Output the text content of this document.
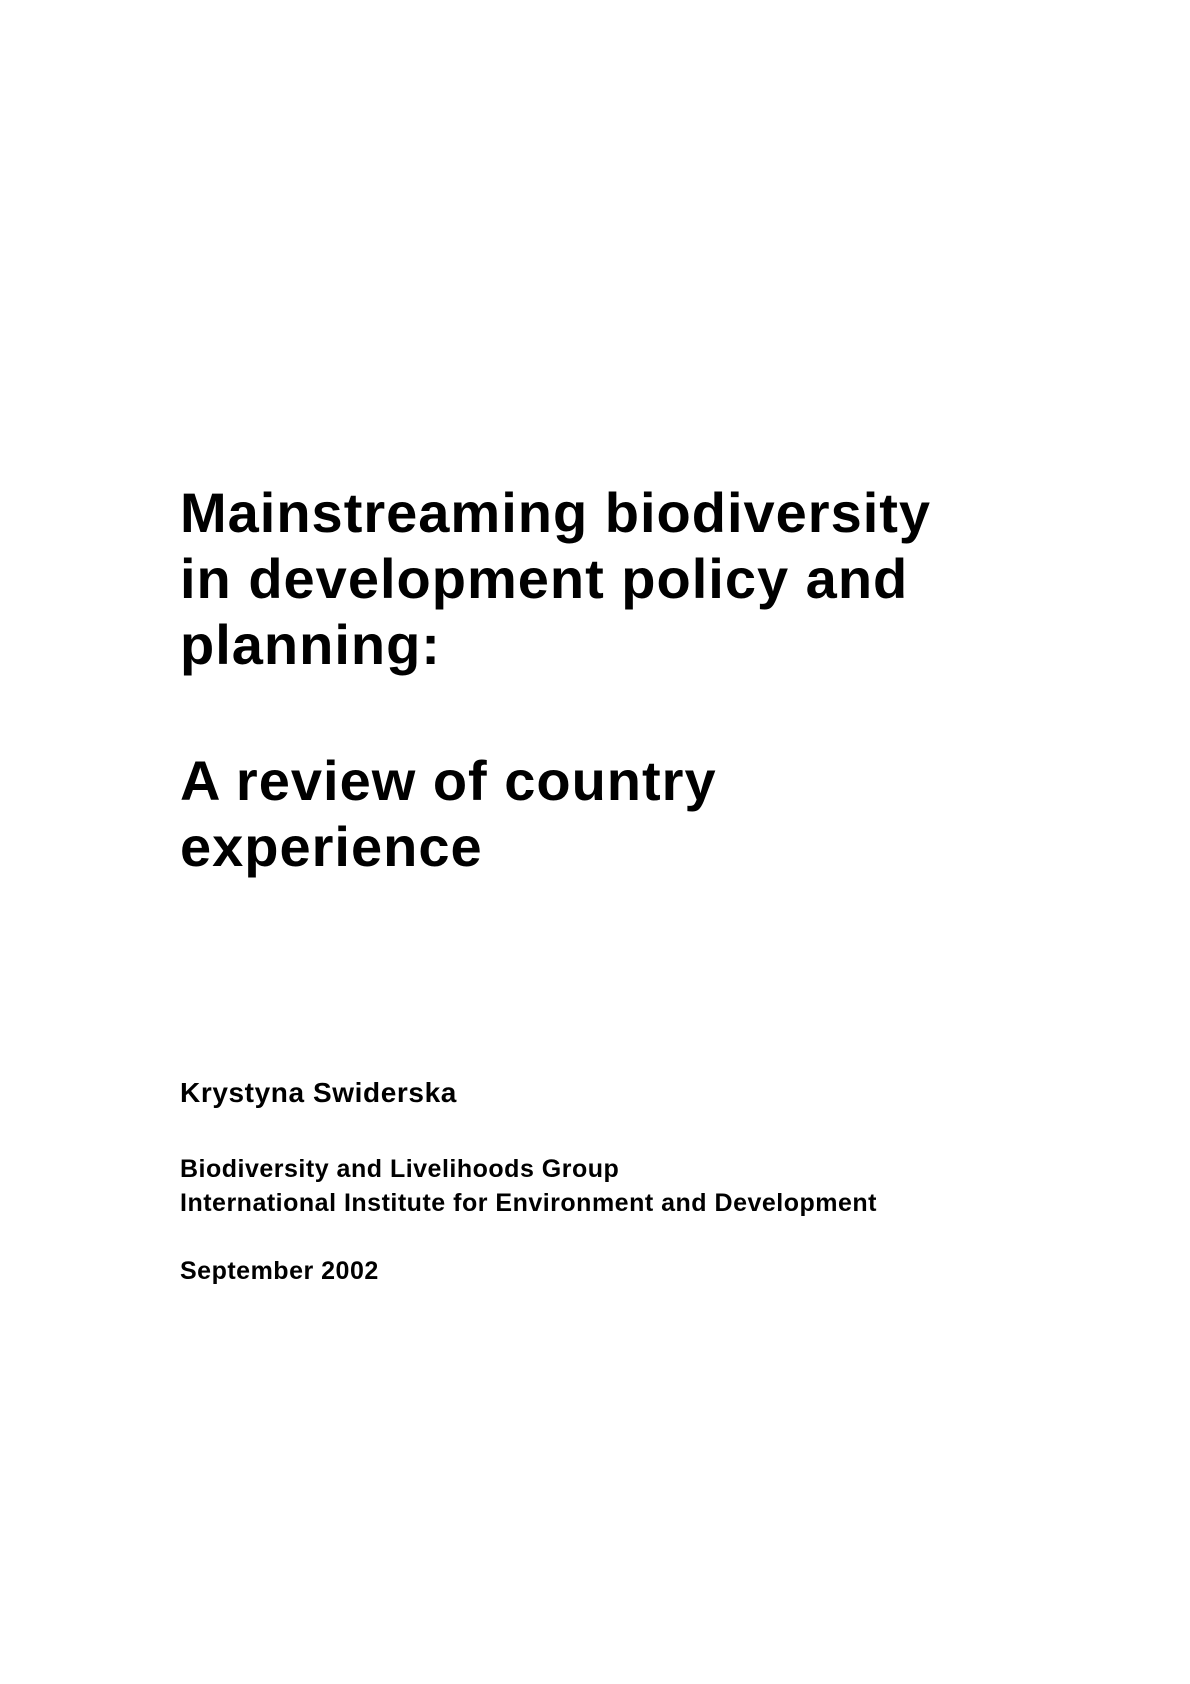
Mainstreaming biodiversity
in development policy and
planning:
A review of country
experience

Krystyna Swiderska

Biodiversity and Livelihoods Group
International Institute for Environment and Development

September 2002
